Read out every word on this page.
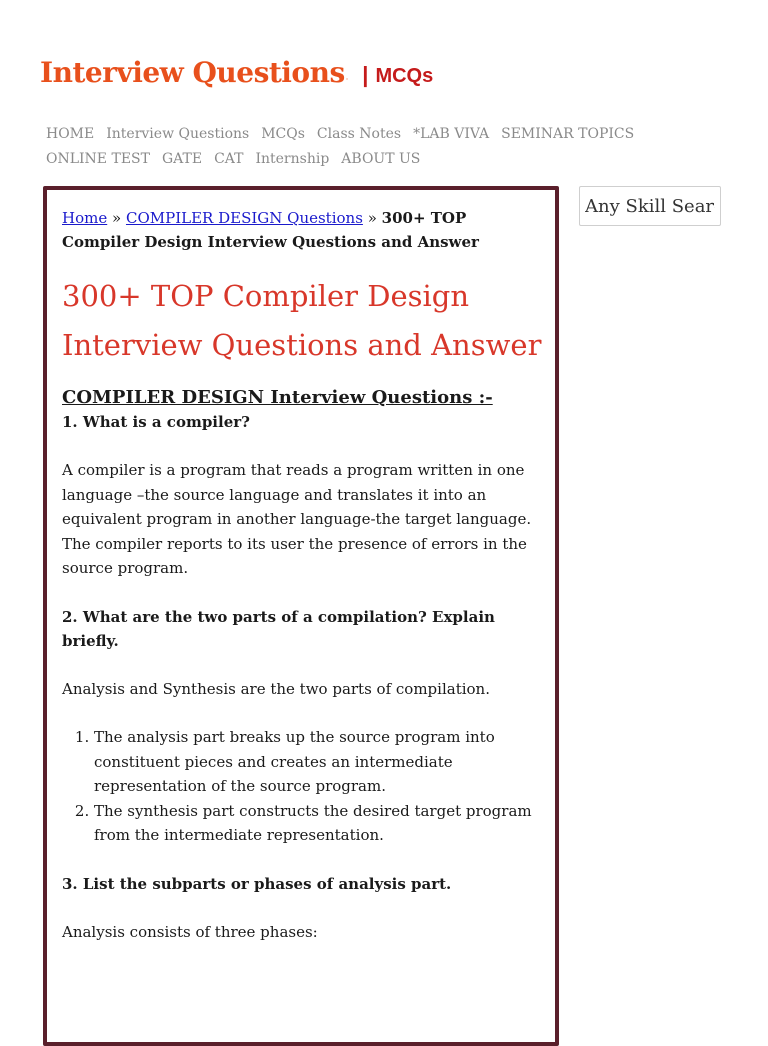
Interview Questions · | MCQs
HOME Interview Questions MCQs Class Notes *LAB VIVA SEMINAR TOPICSONLINE TEST GATE CAT Internship ABOUT US
Home » COMPILER DESIGN Questions » 300+ TOP Compiler Design Interview Questions and Answer
300+ TOP Compiler Design Interview Questions and Answer
COMPILER DESIGN Interview Questions :-

1. What is a compiler?

A compiler is a program that reads a program written in one language –the source language and translates it into an equivalent program in another language-the target language. The compiler reports to its user the presence of errors in the source program.

2. What are the two parts of a compilation? Explain briefly.

Analysis and Synthesis are the two parts of compilation.

1. The analysis part breaks up the source program into constituent pieces and creates an intermediate representation of the source program.
2. The synthesis part constructs the desired target program from the intermediate representation.

3. List the subparts or phases of analysis part.

Analysis consists of three phases:

Any Skill Search
